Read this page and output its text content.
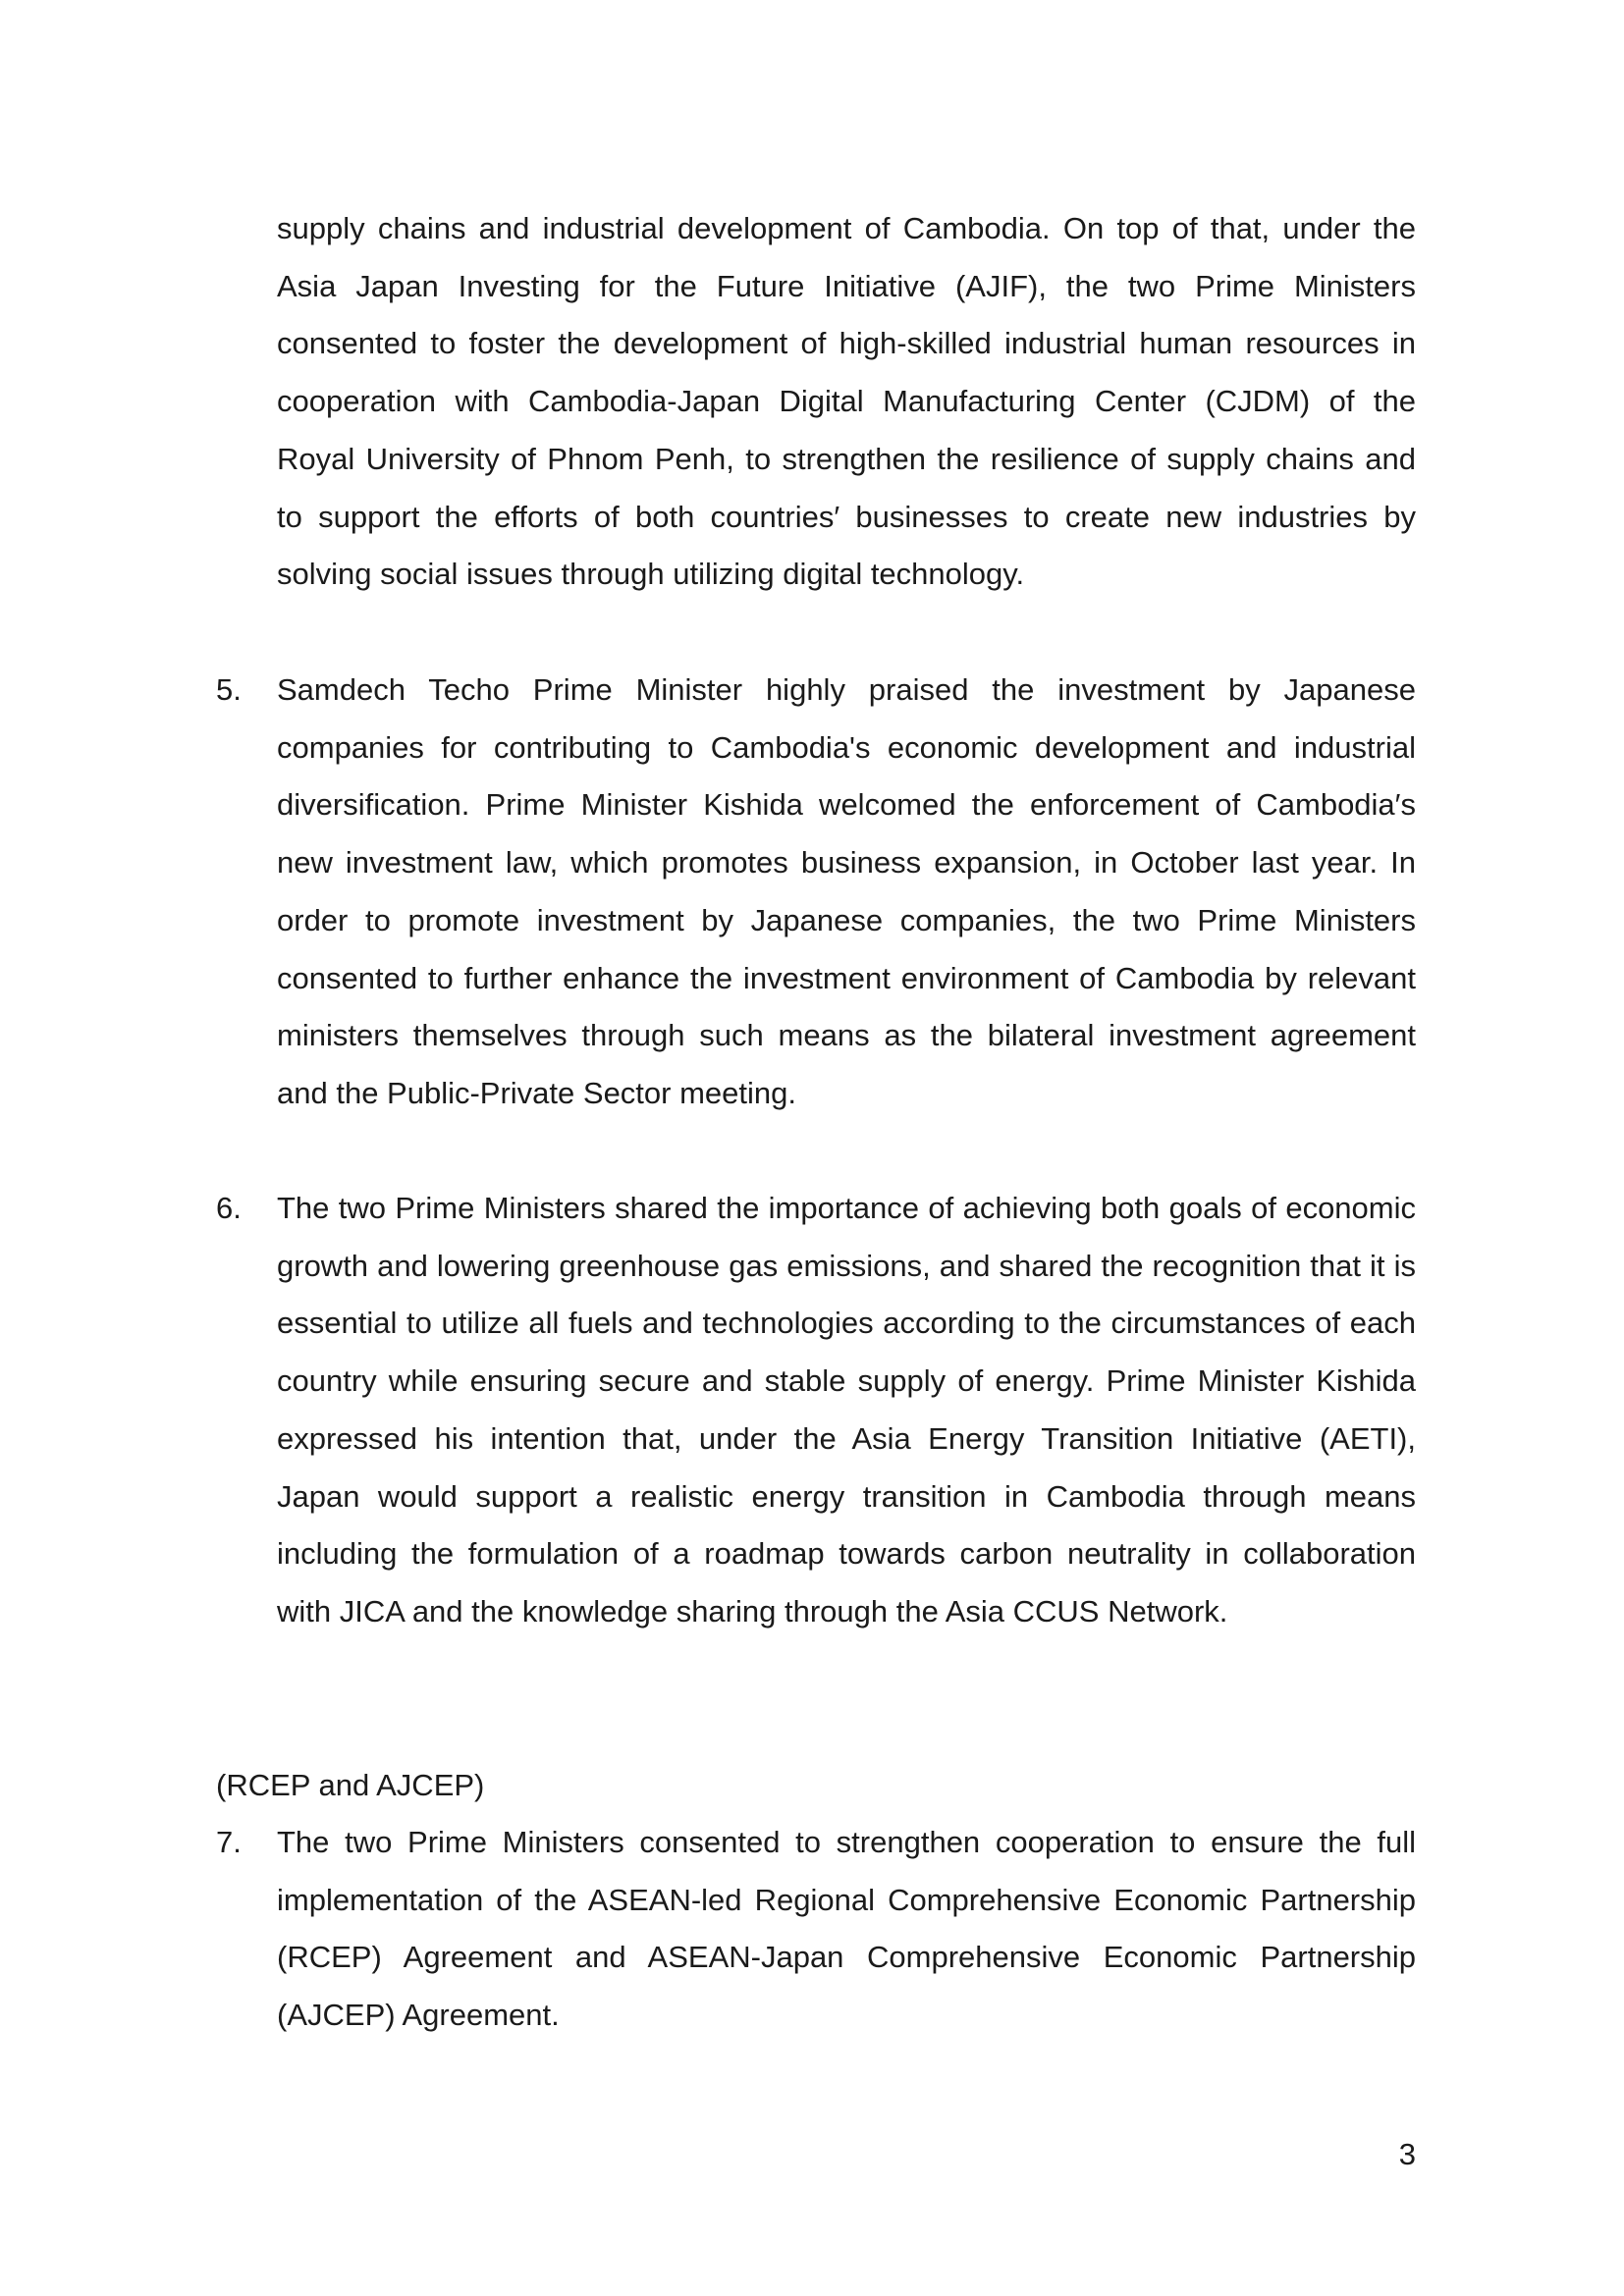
supply chains and industrial development of Cambodia. On top of that, under the Asia Japan Investing for the Future Initiative (AJIF), the two Prime Ministers consented to foster the development of high-skilled industrial human resources in cooperation with Cambodia-Japan Digital Manufacturing Center (CJDM) of the Royal University of Phnom Penh, to strengthen the resilience of supply chains and to support the efforts of both countries′ businesses to create new industries by solving social issues through utilizing digital technology.

5. Samdech Techo Prime Minister highly praised the investment by Japanese companies for contributing to Cambodia's economic development and industrial diversification. Prime Minister Kishida welcomed the enforcement of Cambodia′s new investment law, which promotes business expansion, in October last year. In order to promote investment by Japanese companies, the two Prime Ministers consented to further enhance the investment environment of Cambodia by relevant ministers themselves through such means as the bilateral investment agreement and the Public-Private Sector meeting.

6. The two Prime Ministers shared the importance of achieving both goals of economic growth and lowering greenhouse gas emissions, and shared the recognition that it is essential to utilize all fuels and technologies according to the circumstances of each country while ensuring secure and stable supply of energy. Prime Minister Kishida expressed his intention that, under the Asia Energy Transition Initiative (AETI), Japan would support a realistic energy transition in Cambodia through means including the formulation of a roadmap towards carbon neutrality in collaboration with JICA and the knowledge sharing through the Asia CCUS Network.

(RCEP and AJCEP)

7. The two Prime Ministers consented to strengthen cooperation to ensure the full implementation of the ASEAN-led Regional Comprehensive Economic Partnership (RCEP) Agreement and ASEAN-Japan Comprehensive Economic Partnership (AJCEP) Agreement.

3
